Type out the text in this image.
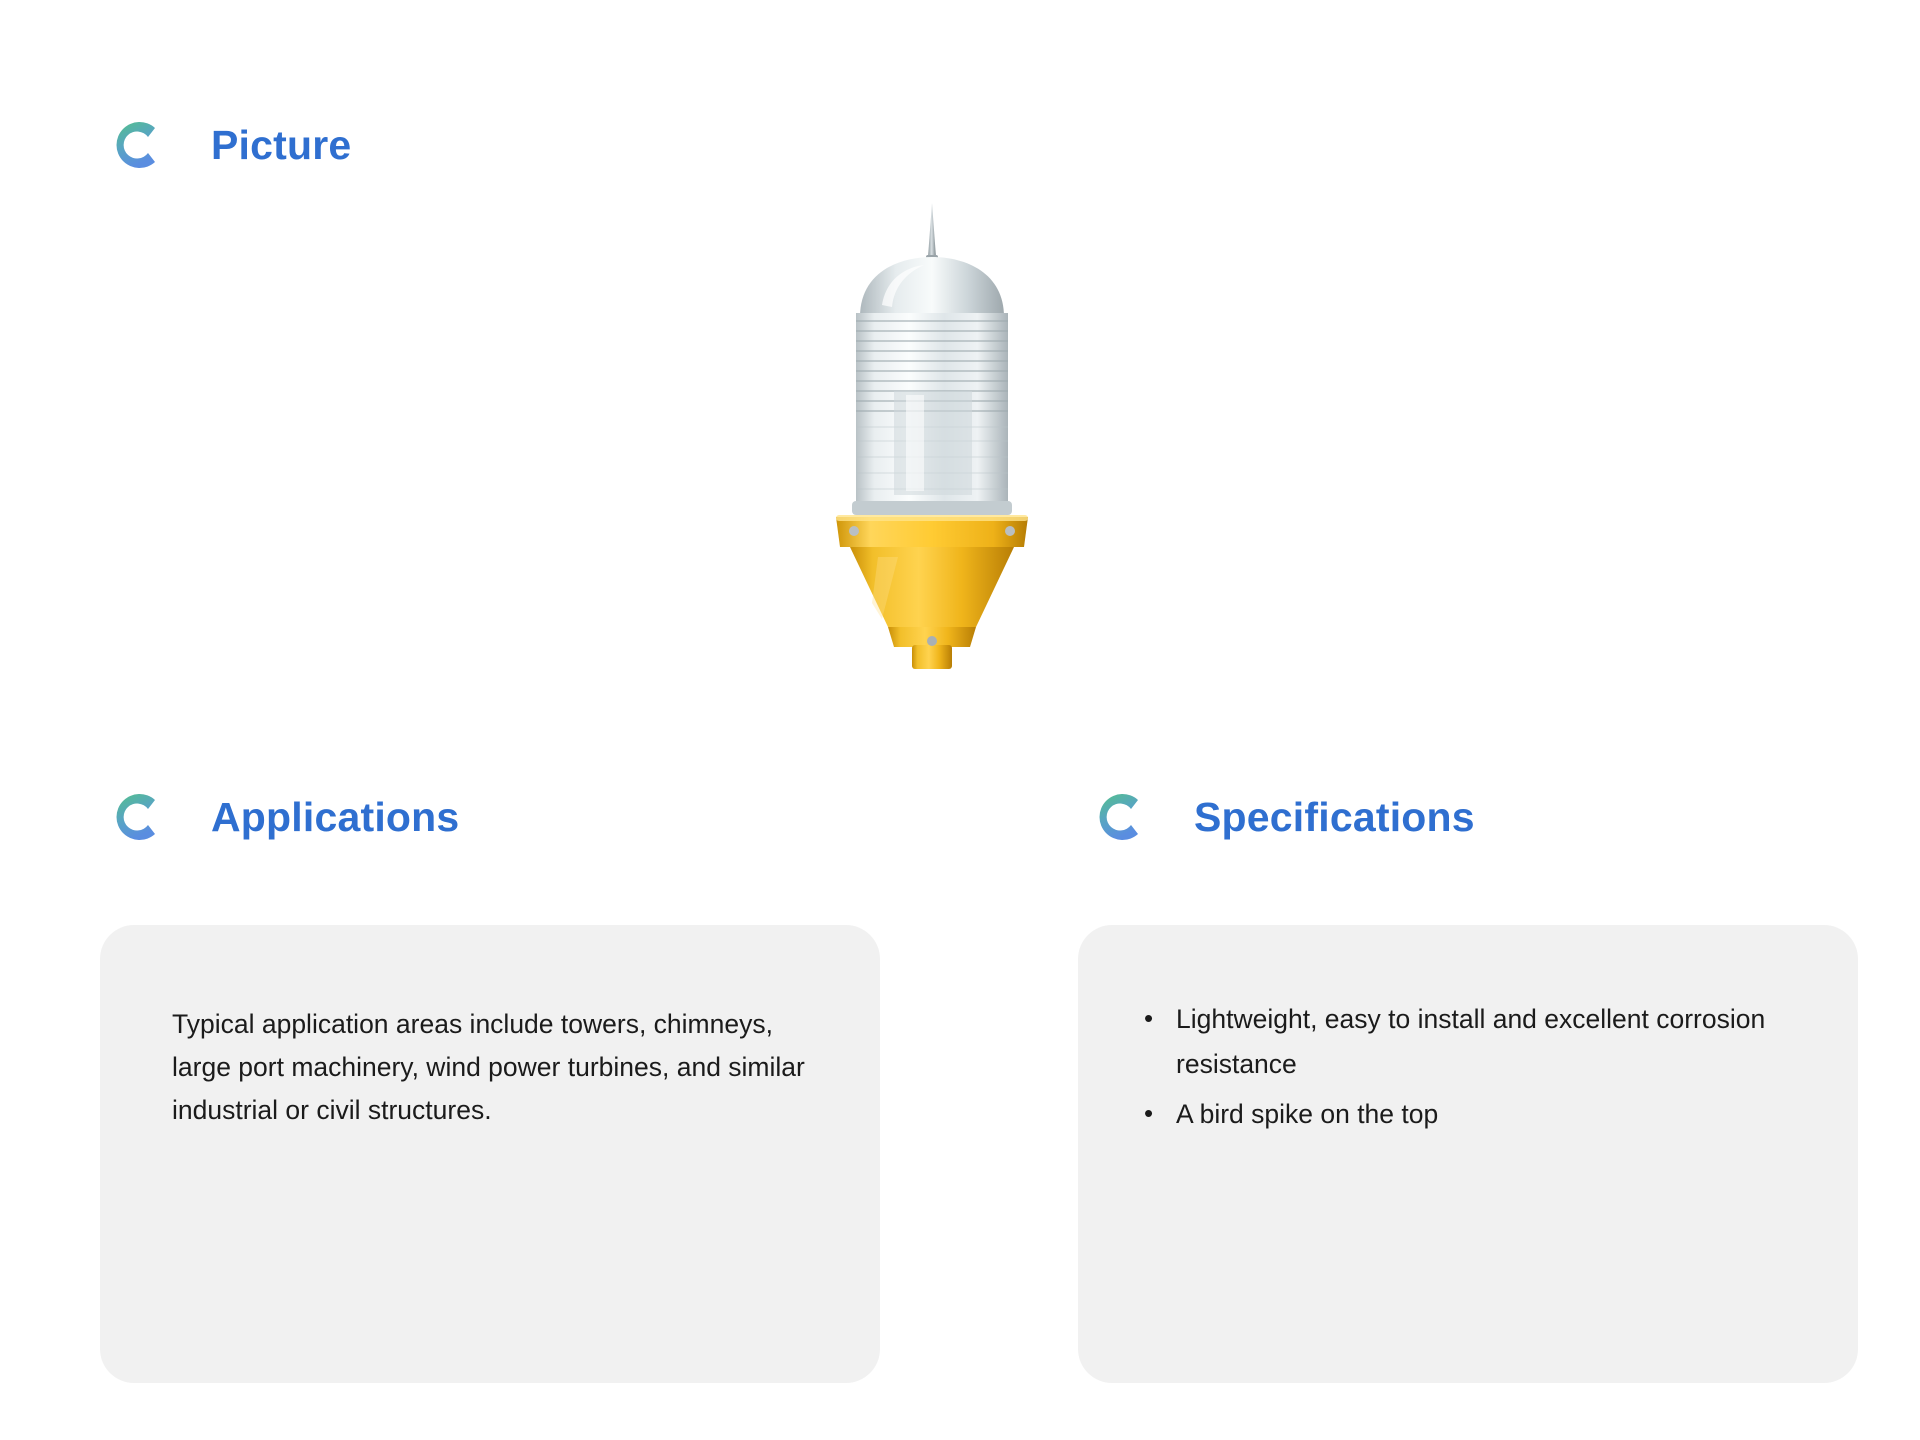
Picture
Applications

Typical application areas include towers, chimneys, large port machinery, wind power turbines, and similar industrial or civil structures.

Specifications
• Lightweight, easy to install and excellent corrosion resistance
• A bird spike on the top
